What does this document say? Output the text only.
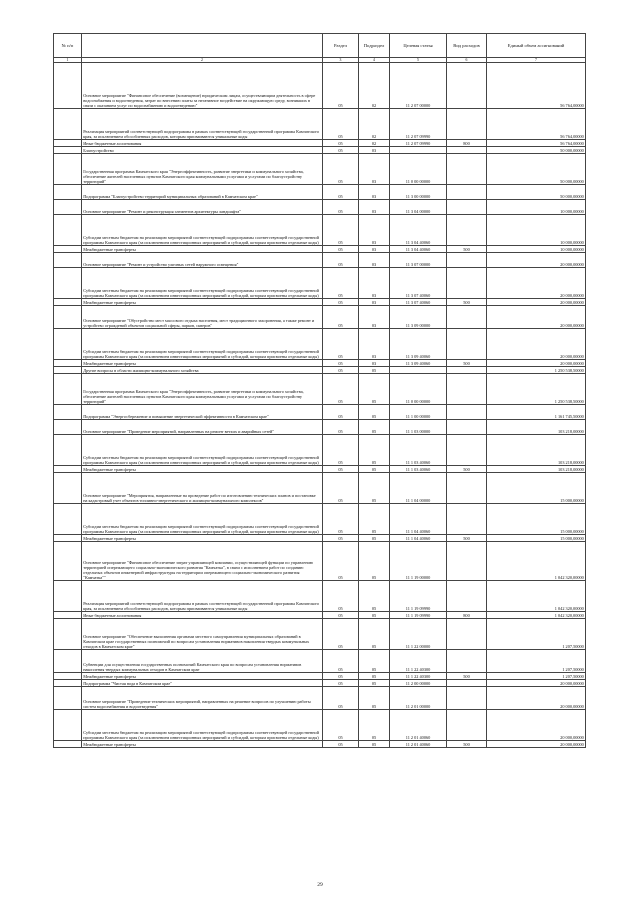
№ п/п		Раздел	Подраздел	Целевая статья	Вид расходов	Единый объем ассигнований
1	2	3	4	5	6	7
	Основное мероприятие "Финансовое обеспечение (возмещение) юридическим лицам, осуществляющим деятельность в сфере водоснабжения и водоотведения, затрат по внесению платы за негативное воздействие на окружающую среду, возникших в связи с оказанием услуг по водоснабжению и водоотведению"	05	02	11 2 07 00000		56 764,00000
	Реализация мероприятий соответствующей подпрограммы в рамках соответствующей государственной программы Камчатского края, за исключением обособленных расходов, которым присваиваются уникальные коды	05	02	11 2 07 09990		56 764,00000
	Иные бюджетные ассигнования	05	02	11 2 07 09990	800	56 764,00000
	Благоустройство	05	03			50 000,00000
	Государственная программа Камчатского края "Энергоэффективность, развитие энергетики и коммунального хозяйства, обеспечение жителей населенных пунктов Камчатского края коммунальными услугами и услугами по благоустройству территорий"	05	03	11 0 00 00000		50 000,00000
	Подпрограмма "Благоустройство территорий муниципальных образований в Камчатском крае"	05	03	11 3 00 00000		50 000,00000
	Основное мероприятие "Ремонт и реконструкция элементов архитектуры ландшафта"	05	03	11 3 04 00000		10 000,00000
	Субсидии местным бюджетам на реализацию мероприятий соответствующей подпрограммы соответствующей государственной программы Камчатского края (за исключением инвестиционных мероприятий и субсидий, которым присвоены отдельные коды)	05	03	11 3 04 40060		10 000,00000
	Межбюджетные трансферты	05	03	11 3 04 40060	500	10 000,00000
	Основное мероприятие "Ремонт и устройство уличных сетей наружного освещения"	05	03	11 3 07 00000		20 000,00000
	Субсидии местным бюджетам на реализацию мероприятий соответствующей подпрограммы соответствующей государственной программы Камчатского края (за исключением инвестиционных мероприятий и субсидий, которым присвоены отдельные коды)	05	03	11 3 07 40060		20 000,00000
	Межбюджетные трансферты	05	03	11 3 07 40060	500	20 000,00000
	Основное мероприятие "Обустройство мест массового отдыха населения, мест традиционного захоронения, а также ремонт и устройство ограждений объектов социальной сферы, парков, скверов"	05	03	11 3 09 00000		20 000,00000
	Субсидии местным бюджетам на реализацию мероприятий соответствующей подпрограммы соответствующей государственной программы Камчатского края (за исключением инвестиционных мероприятий и субсидий, которым присвоены отдельные коды)	05	03	11 3 09 40060		20 000,00000
	Межбюджетные трансферты	05	03	11 3 09 40060	500	20 000,00000
	Другие вопросы в области жилищно-коммунального хозяйства	05	05			1 250 538,50000
	Государственная программа Камчатского края "Энергоэффективность, развитие энергетики и коммунального хозяйства, обеспечение жителей населенных пунктов Камчатского края коммунальными услугами и услугами по благоустройству территорий"	05	05	11 0 00 00000		1 250 538,50000
	Подпрограмма "Энергосбережение и повышение энергетической эффективности в Камчатском крае"	05	05	11 1 00 00000		1 161 745,50000
	Основное мероприятие "Проведение мероприятий, направленных на ремонт ветхих и аварийных сетей"	05	05	11 1 03 00000		103 218,00000
	Субсидии местным бюджетам на реализацию мероприятий соответствующей подпрограммы соответствующей государственной программы Камчатского края (за исключением инвестиционных мероприятий и субсидий, которым присвоены отдельные коды)	05	05	11 1 03 40060		103 218,00000
	Межбюджетные трансферты	05	05	11 1 03 40060	500	103 218,00000
	Основное мероприятие "Мероприятия, направленные на проведение работ по изготовлению технических планов и постановке на кадастровый учет объектов топливно-энергетического и жилищно-коммунального комплексов"	05	05	11 1 04 00000		15 000,00000
	Субсидии местным бюджетам на реализацию мероприятий соответствующей подпрограммы соответствующей государственной программы Камчатского края (за исключением инвестиционных мероприятий и субсидий, которым присвоены отдельные коды)	05	05	11 1 04 40060		15 000,00000
	Межбюджетные трансферты	05	05	11 1 04 40060	500	15 000,00000
	Основное мероприятие "Финансовое обеспечение затрат управляющей компании, осуществляющей функции по управлению территорией опережающего социально-экономического развития "Камчатка", в связи с исполнением работ по созданию отдельных объектов инженерной инфраструктуры на территории опережающего социально-экономического развития "Камчатка""	05	05	11 1 19 00000		1 042 320,00000
	Реализация мероприятий соответствующей подпрограммы в рамках соответствующей государственной программы Камчатского края, за исключением обособленных расходов, которым присваиваются уникальные коды	05	05	11 1 19 09990		1 042 320,00000
	Иные бюджетные ассигнования	05	05	11 1 19 09990	800	1 042 320,00000
	Основное мероприятие "Обеспечение выполнения органами местного самоуправления муниципальных образований в Камчатском крае государственных полномочий по вопросам установления нормативов накопления твердых коммунальных отходов в Камчатском крае"	05	05	11 1 22 00000		1 207,50000
	Субвенции для осуществления государственных полномочий Камчатского края по вопросам установления нормативов накопления твердых коммунальных отходов в Камчатском крае	05	05	11 1 22 40300		1 207,50000
	Межбюджетные трансферты	05	05	11 1 22 40300	500	1 207,50000
	Подпрограмма "Чистая вода в Камчатском крае"	05	05	11 2 00 00000		20 000,00000
	Основное мероприятие "Проведение технических мероприятий, направленных на решение вопросов по улучшению работы систем водоснабжения и водоотведения"	05	05	11 2 01 00000		20 000,00000
	Субсидии местным бюджетам на реализацию мероприятий соответствующей подпрограммы соответствующей государственной программы Камчатского края (за исключением инвестиционных мероприятий и субсидий, которым присвоены отдельные коды)	05	05	11 2 01 40060		20 000,00000
	Межбюджетные трансферты	05	05	11 2 01 40060	500	20 000,00000
29
